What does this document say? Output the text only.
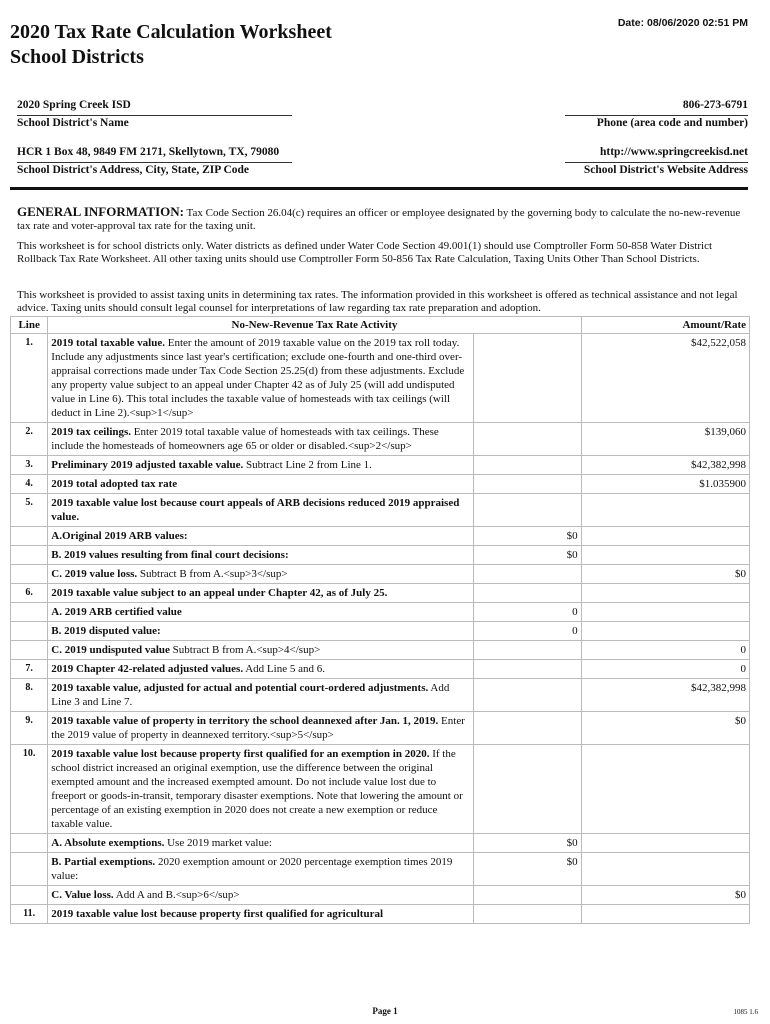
2020 Tax Rate Calculation Worksheet
School Districts
Date: 08/06/2020 02:51 PM
2020 Spring Creek ISD
School District's Name
806-273-6791
Phone (area code and number)
HCR 1 Box 48, 9849 FM 2171, Skellytown, TX, 79080
School District's Address, City, State, ZIP Code
http://www.springcreekisd.net
School District's Website Address
GENERAL INFORMATION: Tax Code Section 26.04(c) requires an officer or employee designated by the governing body to calculate the no-new-revenue tax rate and voter-approval tax rate for the taxing unit.
This worksheet is for school districts only. Water districts as defined under Water Code Section 49.001(1) should use Comptroller Form 50-858 Water District Rollback Tax Rate Worksheet. All other taxing units should use Comptroller Form 50-856 Tax Rate Calculation, Taxing Units Other Than School Districts.
This worksheet is provided to assist taxing units in determining tax rates. The information provided in this worksheet is offered as technical assistance and not legal advice. Taxing units should consult legal counsel for interpretations of law regarding tax rate preparation and adoption.
Line	No-New-Revenue Tax Rate Activity		Amount/Rate
1.	2019 total taxable value. Enter the amount of 2019 taxable value on the 2019 tax roll today. Include any adjustments since last year's certification; exclude one-fourth and one-third over-appraisal corrections made under Tax Code Section 25.25(d) from these adjustments. Exclude any property value subject to an appeal under Chapter 42 as of July 25 (will add undisputed value in Line 6). This total includes the taxable value of homesteads with tax ceilings (will deduct in Line 2).<sup>1</sup>		$42,522,058
2.	2019 tax ceilings. Enter 2019 total taxable value of homesteads with tax ceilings. These include the homesteads of homeowners age 65 or older or disabled.<sup>2</sup>		$139,060
3.	Preliminary 2019 adjusted taxable value. Subtract Line 2 from Line 1.		$42,382,998
4.	2019 total adopted tax rate		$1.035900
5.	2019 taxable value lost because court appeals of ARB decisions reduced 2019 appraised value.		
	A.Original 2019 ARB values:	$0	
	B. 2019 values resulting from final court decisions:	$0	
	C. 2019 value loss. Subtract B from A.<sup>3</sup>		$0
6.	2019 taxable value subject to an appeal under Chapter 42, as of July 25.		
	A. 2019 ARB certified value	0	
	B. 2019 disputed value:	0	
	C. 2019 undisputed value Subtract B from A.<sup>4</sup>		0
7.	2019 Chapter 42-related adjusted values. Add Line 5 and 6.		0
8.	2019 taxable value, adjusted for actual and potential court-ordered adjustments. Add Line 3 and Line 7.		$42,382,998
9.	2019 taxable value of property in territory the school deannexed after Jan. 1, 2019. Enter the 2019 value of property in deannexed territory.<sup>5</sup>		$0
10.	2019 taxable value lost because property first qualified for an exemption in 2020. If the school district increased an original exemption, use the difference between the original exempted amount and the increased exempted amount. Do not include value lost due to freeport or goods-in-transit, temporary disaster exemptions. Note that lowering the amount or percentage of an existing exemption in 2020 does not create a new exemption or reduce taxable value.		
	A. Absolute exemptions. Use 2019 market value:	$0	
	B. Partial exemptions. 2020 exemption amount or 2020 percentage exemption times 2019 value:	$0	
	C. Value loss. Add A and B.<sup>6</sup>		$0
11.	2019 taxable value lost because property first qualified for agricultural		
Page 1	1085 1.6
